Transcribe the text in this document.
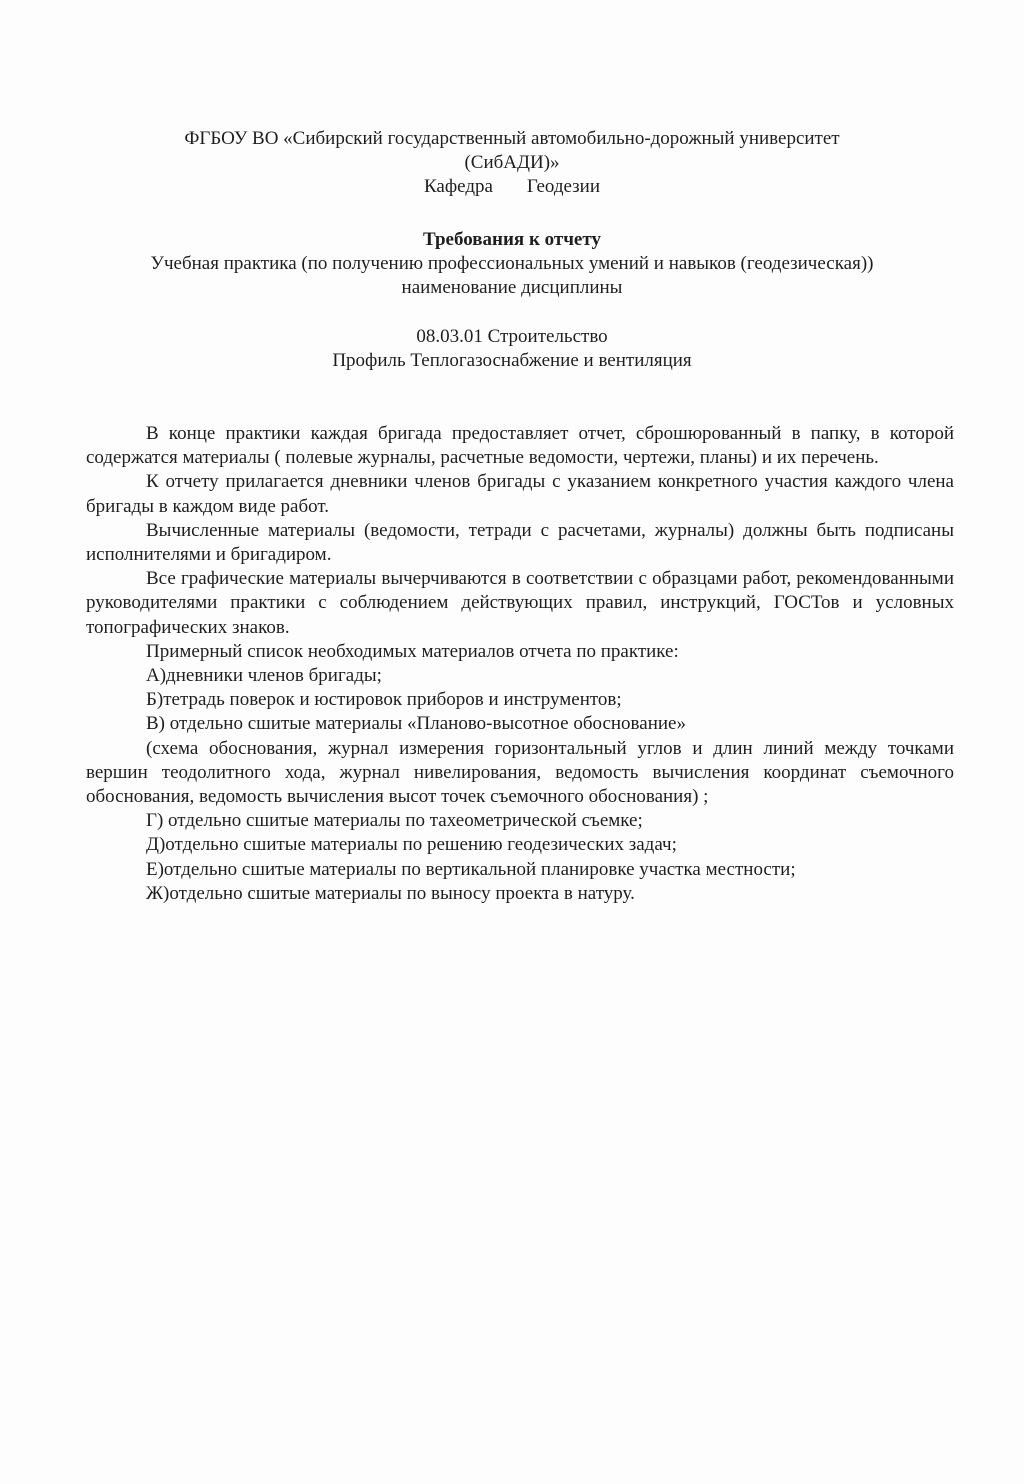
ФГБОУ ВО «Сибирский государственный автомобильно-дорожный университет
(СибАДИ)»
Кафедра Геодезии
Требования к отчету
Учебная практика (по получению профессиональных умений и навыков (геодезическая))
наименование дисциплины
08.03.01 Строительство
Профиль Теплогазоснабжение и вентиляция

В конце практики каждая бригада предоставляет отчет, сброшюрованный в папку, в которой содержатся материалы ( полевые журналы, расчетные ведомости, чертежи, планы) и их перечень.

К отчету прилагается дневники членов бригады с указанием конкретного участия каждого члена бригады в каждом виде работ.

Вычисленные материалы (ведомости, тетради с расчетами, журналы) должны быть подписаны исполнителями и бригадиром.

Все графические материалы вычерчиваются в соответствии с образцами работ, рекомендованными руководителями практики с соблюдением действующих правил, инструкций, ГОСТов и условных топографических знаков.

Примерный список необходимых материалов отчета по практике:

А)дневники членов бригады;

Б)тетрадь поверок и юстировок приборов и инструментов;

В) отдельно сшитые материалы «Планово-высотное обоснование»

(схема обоснования, журнал измерения горизонтальный углов и длин линий между точками вершин теодолитного хода, журнал нивелирования, ведомость вычисления координат съемочного обоснования, ведомость вычисления высот точек съемочного обоснования) ;

Г) отдельно сшитые материалы по тахеометрической съемке;

Д)отдельно сшитые материалы по решению геодезических задач;

Е)отдельно сшитые материалы по вертикальной планировке участка местности;

Ж)отдельно сшитые материалы по выносу проекта в натуру.
